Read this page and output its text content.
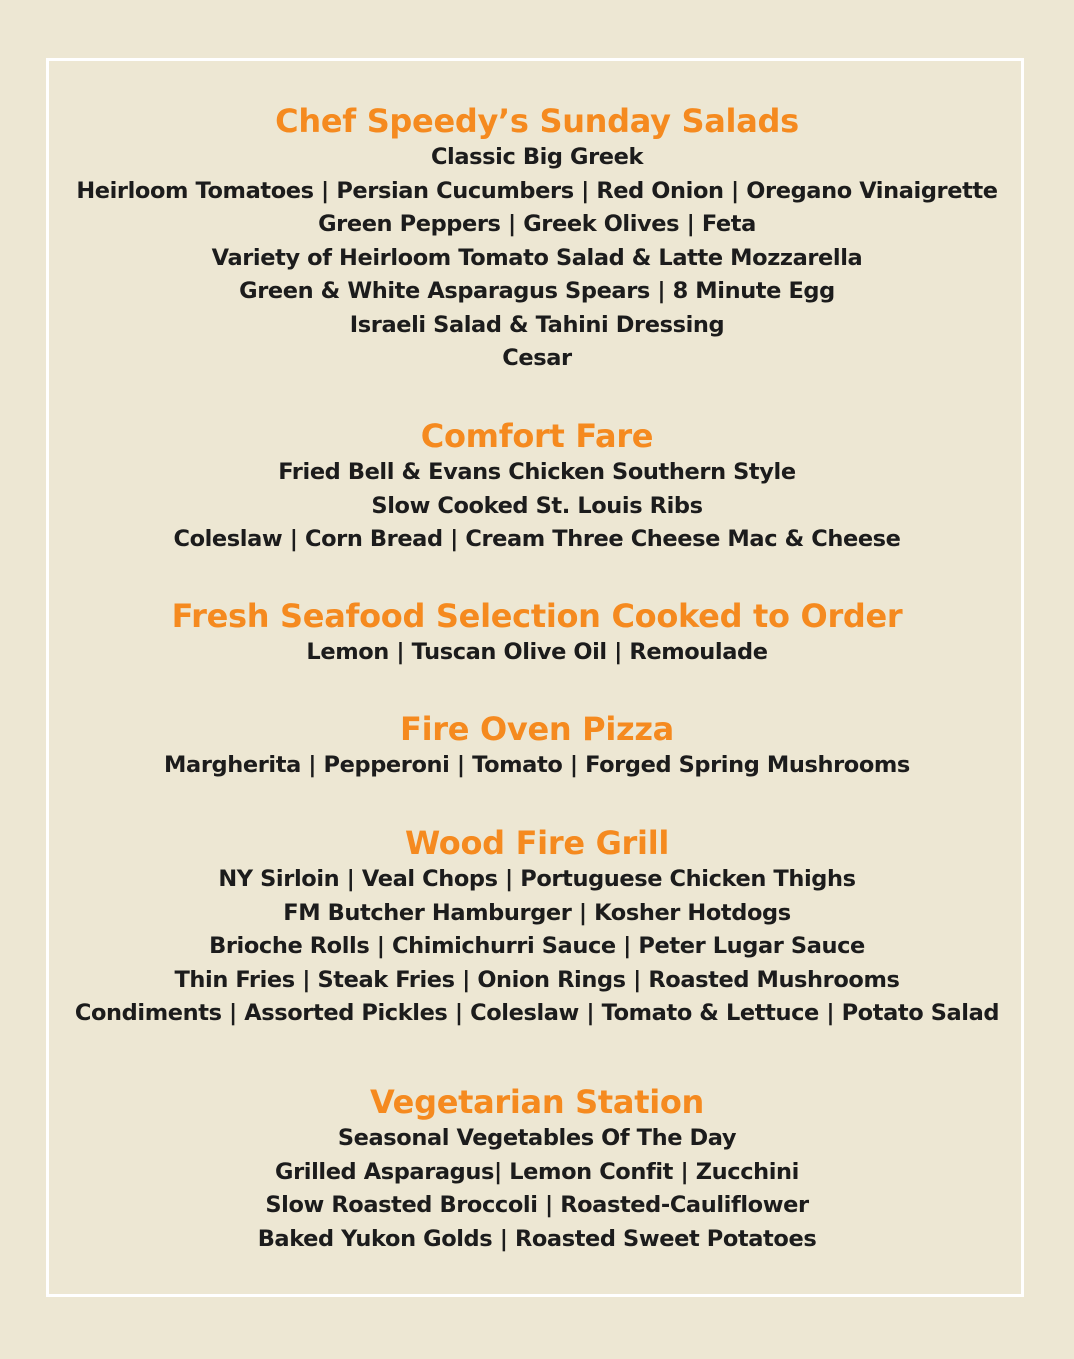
Chef Speedy’s Sunday Salads
Classic Big Greek
Heirloom Tomatoes | Persian Cucumbers | Red Onion | Oregano Vinaigrette
Green Peppers | Greek Olives | Feta
Variety of Heirloom Tomato Salad & Latte Mozzarella
Green & White Asparagus Spears | 8 Minute Egg
Israeli Salad & Tahini Dressing
Cesar
Comfort Fare
Fried Bell & Evans Chicken Southern Style
Slow Cooked St. Louis Ribs
Coleslaw | Corn Bread | Cream Three Cheese Mac & Cheese
Fresh Seafood Selection Cooked to Order
Lemon | Tuscan Olive Oil | Remoulade
Fire Oven Pizza
Margherita | Pepperoni | Tomato | Forged Spring Mushrooms
Wood Fire Grill
NY Sirloin | Veal Chops | Portuguese Chicken Thighs
FM Butcher Hamburger | Kosher Hotdogs
Brioche Rolls | Chimichurri Sauce | Peter Lugar Sauce
Thin Fries | Steak Fries | Onion Rings | Roasted Mushrooms
Condiments | Assorted Pickles | Coleslaw | Tomato & Lettuce | Potato Salad
Vegetarian Station
Seasonal Vegetables Of The Day
Grilled Asparagus| Lemon Confit | Zucchini
Slow Roasted Broccoli | Roasted-Cauliflower
Baked Yukon Golds | Roasted Sweet Potatoes
